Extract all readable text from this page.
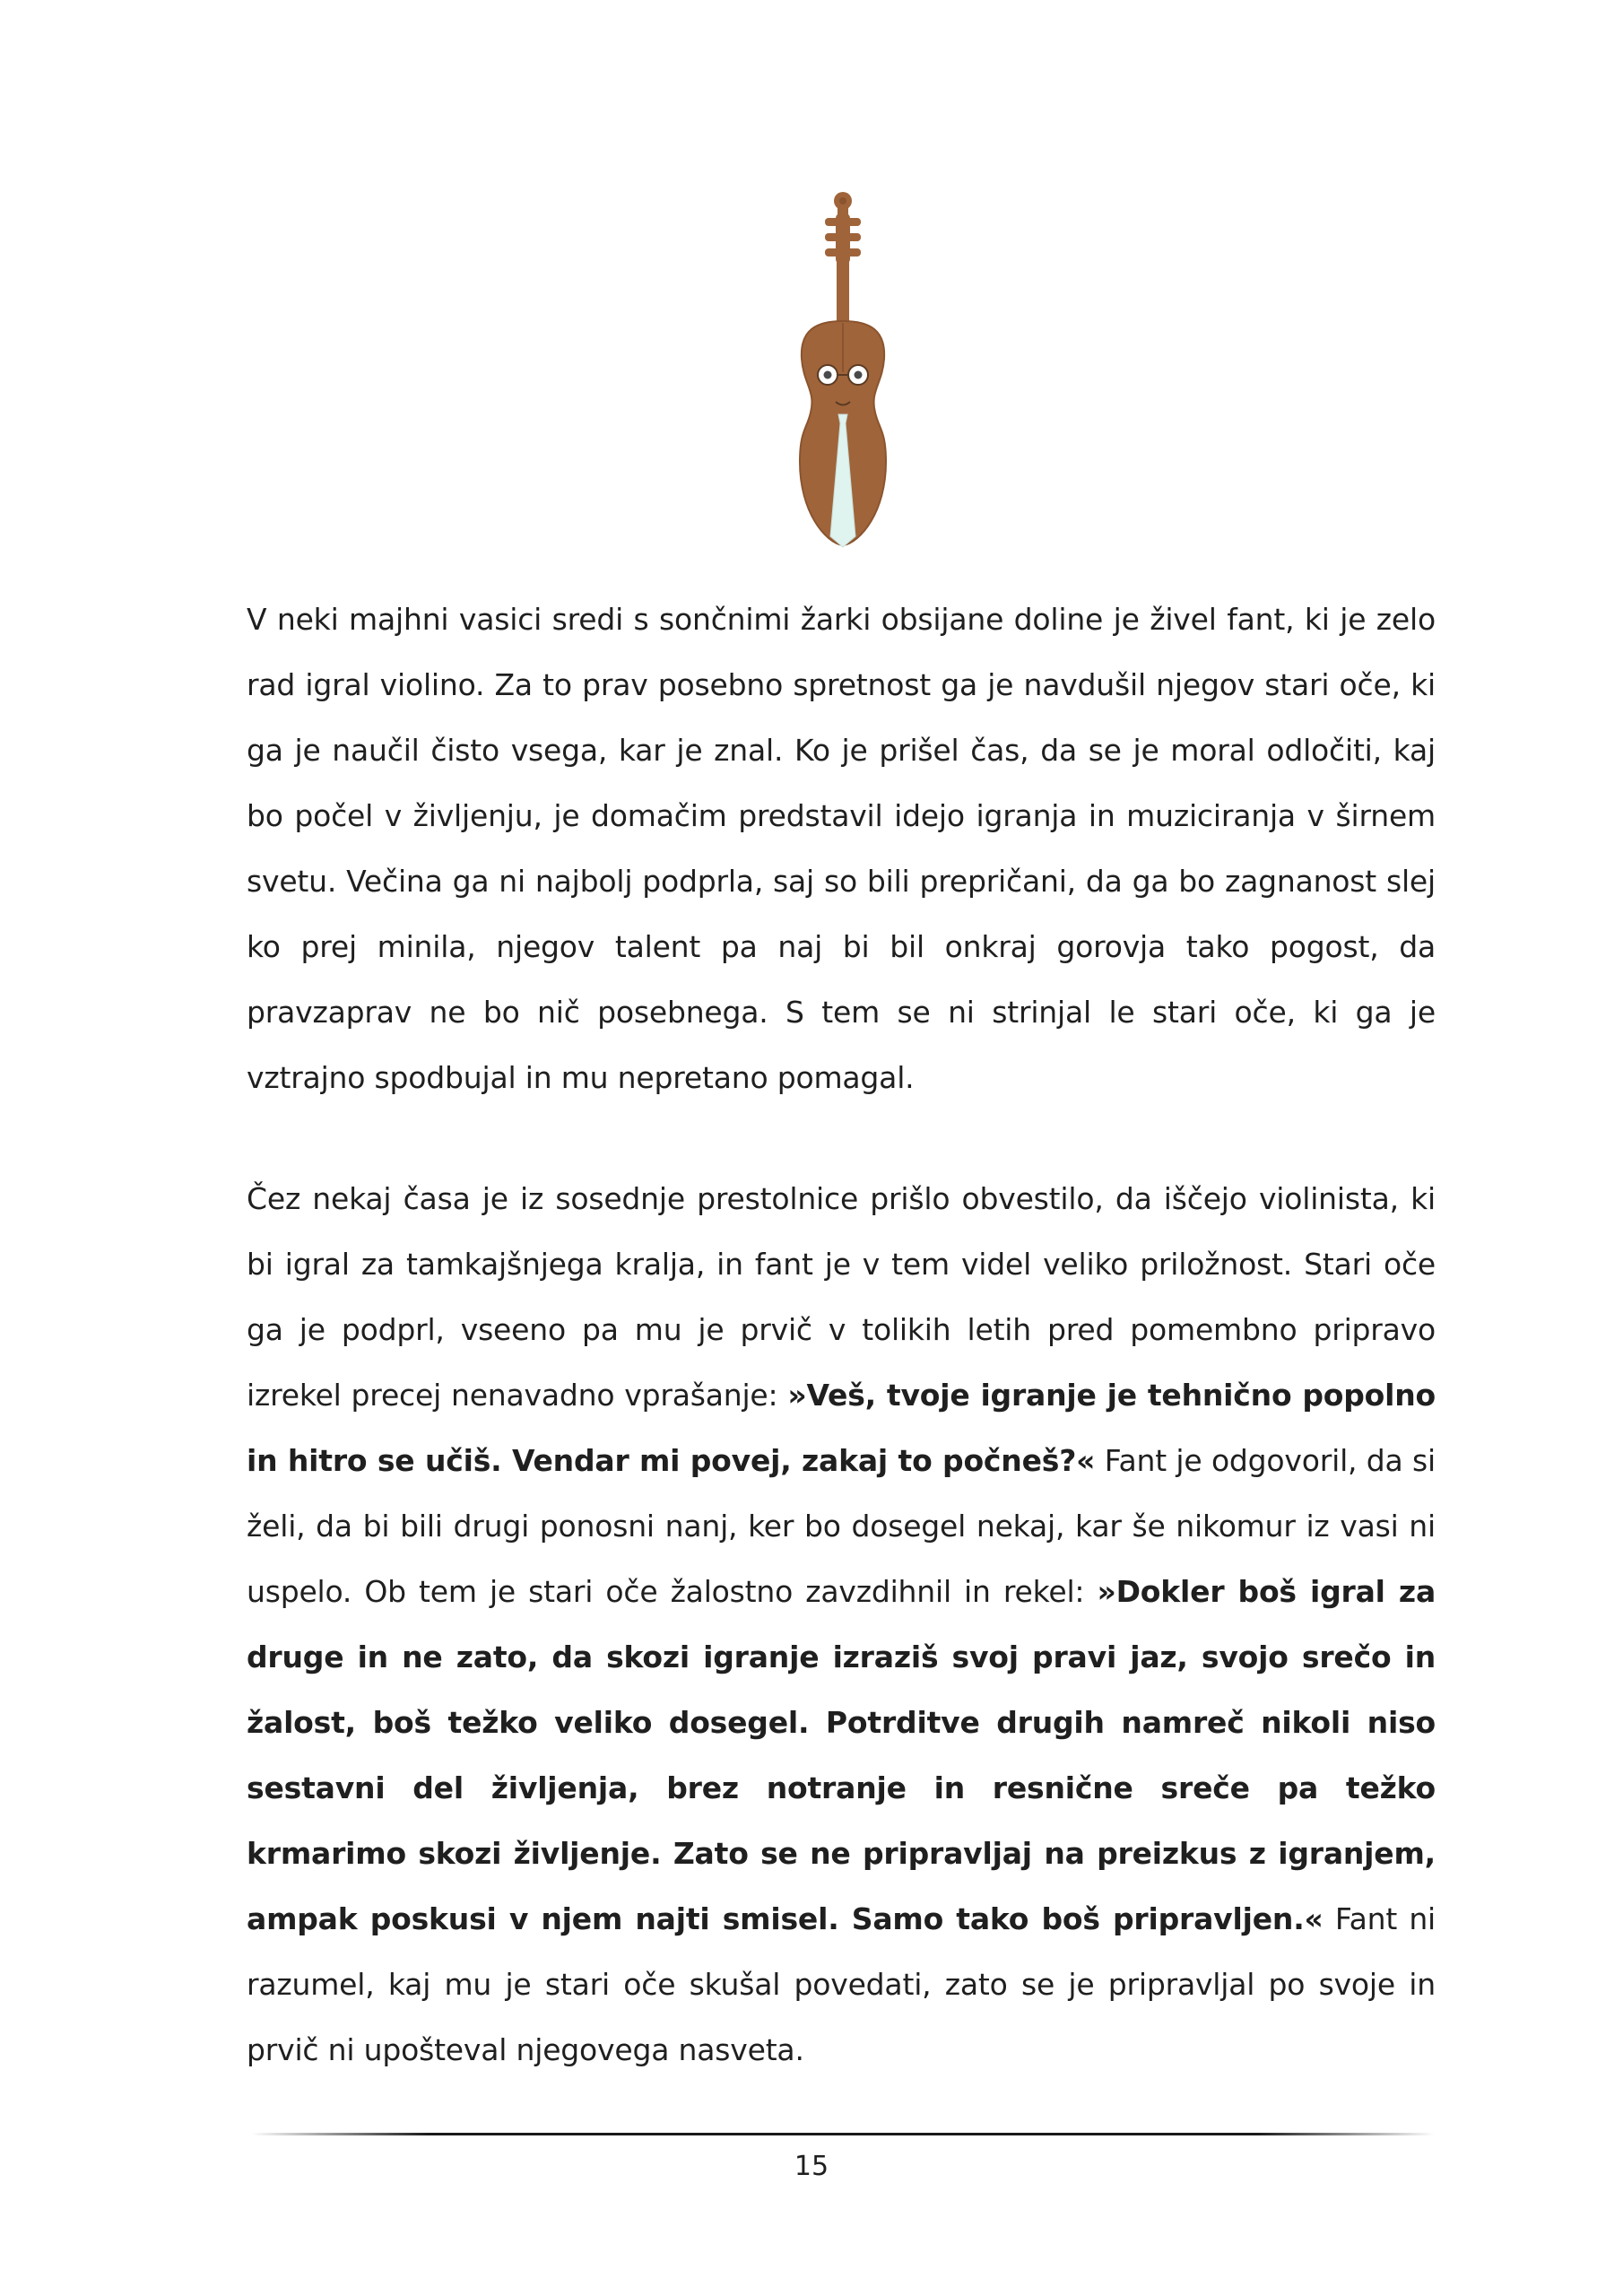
V neki majhni vasici sredi s sončnimi žarki obsijane doline je živel fant, ki je zelo rad igral violino. Za to prav posebno spretnost ga je navdušil njegov stari oče, ki ga je naučil čisto vsega, kar je znal. Ko je prišel čas, da se je moral odločiti, kaj bo počel v življenju, je domačim predstavil idejo igranja in muziciranja v širnem svetu. Večina ga ni najbolj podprla, saj so bili prepričani, da ga bo zagnanost slej ko prej minila, njegov talent pa naj bi bil onkraj gorovja tako pogost, da pravzaprav ne bo nič posebnega. S tem se ni strinjal le stari oče, ki ga je vztrajno spodbujal in mu nepretano pomagal.

Čez nekaj časa je iz sosednje prestolnice prišlo obvestilo, da iščejo violinista, ki bi igral za tamkajšnjega kralja, in fant je v tem videl veliko priložnost. Stari oče ga je podprl, vseeno pa mu je prvič v tolikih letih pred pomembno pripravo izrekel precej nenavadno vprašanje: »Veš, tvoje igranje je tehnično popolno in hitro se učiš. Vendar mi povej, zakaj to počneš?« Fant je odgovoril, da si želi, da bi bili drugi ponosni nanj, ker bo dosegel nekaj, kar še nikomur iz vasi ni uspelo. Ob tem je stari oče žalostno zavzdihnil in rekel: »Dokler boš igral za druge in ne zato, da skozi igranje izraziš svoj pravi jaz, svojo srečo in žalost, boš težko veliko dosegel. Potrditve drugih namreč nikoli niso sestavni del življenja, brez notranje in resnične sreče pa težko krmarimo skozi življenje. Zato se ne pripravljaj na preizkus z igranjem, ampak poskusi v njem najti smisel. Samo tako boš pripravljen.« Fant ni razumel, kaj mu je stari oče skušal povedati, zato se je pripravljal po svoje in prvič ni upošteval njegovega nasveta.

15
